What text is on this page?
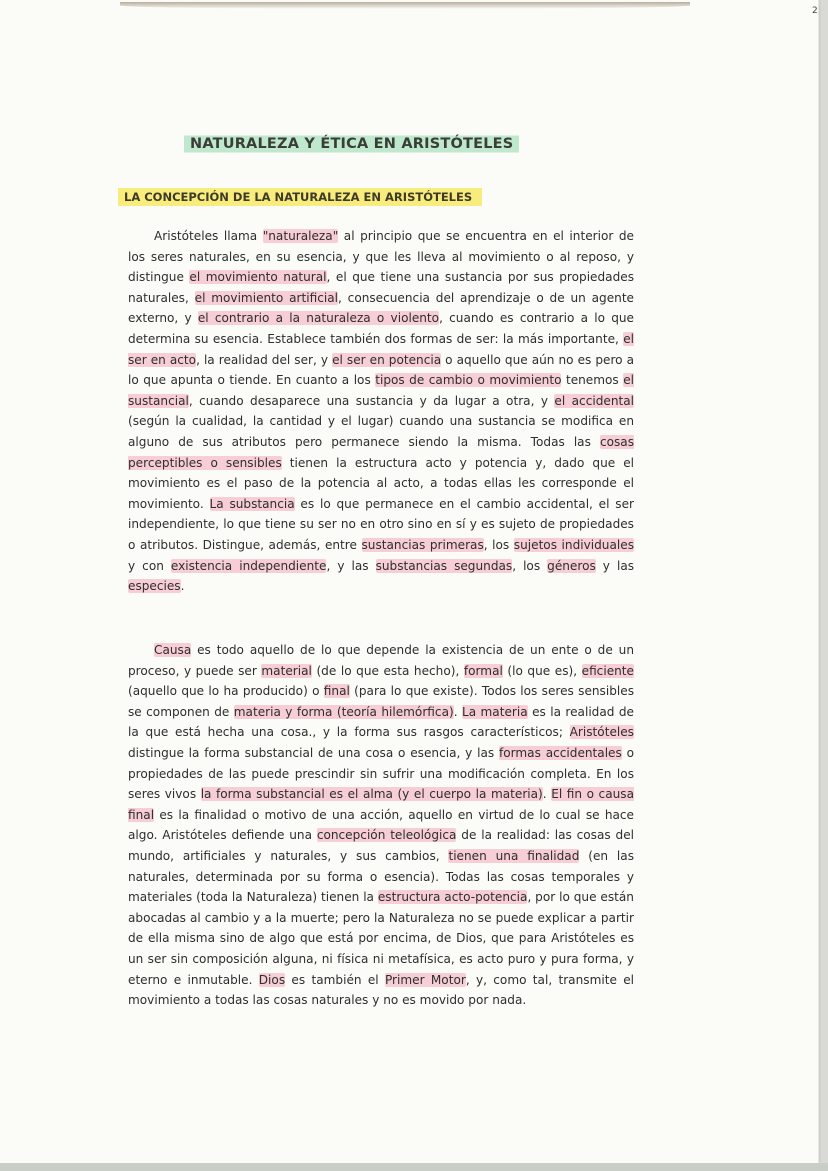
2
NATURALEZA Y ÉTICA EN ARISTÓTELES
LA CONCEPCIÓN DE LA NATURALEZA EN ARISTÓTELES

Aristóteles llama "naturaleza" al principio que se encuentra en el interior de los seres naturales, en su esencia, y que les lleva al movimiento o al reposo, y distingue el movimiento natural, el que tiene una sustancia por sus propiedades naturales, el movimiento artificial, consecuencia del aprendizaje o de un agente externo, y el contrario a la naturaleza o violento, cuando es contrario a lo que determina su esencia. Establece también dos formas de ser: la más importante, el ser en acto, la realidad del ser, y el ser en potencia o aquello que aún no es pero a lo que apunta o tiende. En cuanto a los tipos de cambio o movimiento tenemos el sustancial, cuando desaparece una sustancia y da lugar a otra, y el accidental (según la cualidad, la cantidad y el lugar) cuando una sustancia se modifica en alguno de sus atributos pero permanece siendo la misma. Todas las cosas perceptibles o sensibles tienen la estructura acto y potencia y, dado que el movimiento es el paso de la potencia al acto, a todas ellas les corresponde el movimiento. La substancia es lo que permanece en el cambio accidental, el ser independiente, lo que tiene su ser no en otro sino en sí y es sujeto de propiedades o atributos. Distingue, además, entre sustancias primeras, los sujetos individuales y con existencia independiente, y las substancias segundas, los géneros y las especies.

Causa es todo aquello de lo que depende la existencia de un ente o de un proceso, y puede ser material (de lo que esta hecho), formal (lo que es), eficiente (aquello que lo ha producido) o final (para lo que existe). Todos los seres sensibles se componen de materia y forma (teoría hilemórfica). La materia es la realidad de la que está hecha una cosa., y la forma sus rasgos característicos; Aristóteles distingue la forma substancial de una cosa o esencia, y las formas accidentales o propiedades de las puede prescindir sin sufrir una modificación completa. En los seres vivos la forma substancial es el alma (y el cuerpo la materia). El fin o causa final es la finalidad o motivo de una acción, aquello en virtud de lo cual se hace algo. Aristóteles defiende una concepción teleológica de la realidad: las cosas del mundo, artificiales y naturales, y sus cambios, tienen una finalidad (en las naturales, determinada por su forma o esencia). Todas las cosas temporales y materiales (toda la Naturaleza) tienen la estructura acto-potencia, por lo que están abocadas al cambio y a la muerte; pero la Naturaleza no se puede explicar a partir de ella misma sino de algo que está por encima, de Dios, que para Aristóteles es un ser sin composición alguna, ni física ni metafísica, es acto puro y pura forma, y eterno e inmutable. Dios es también el Primer Motor, y, como tal, transmite el movimiento a todas las cosas naturales y no es movido por nada.
